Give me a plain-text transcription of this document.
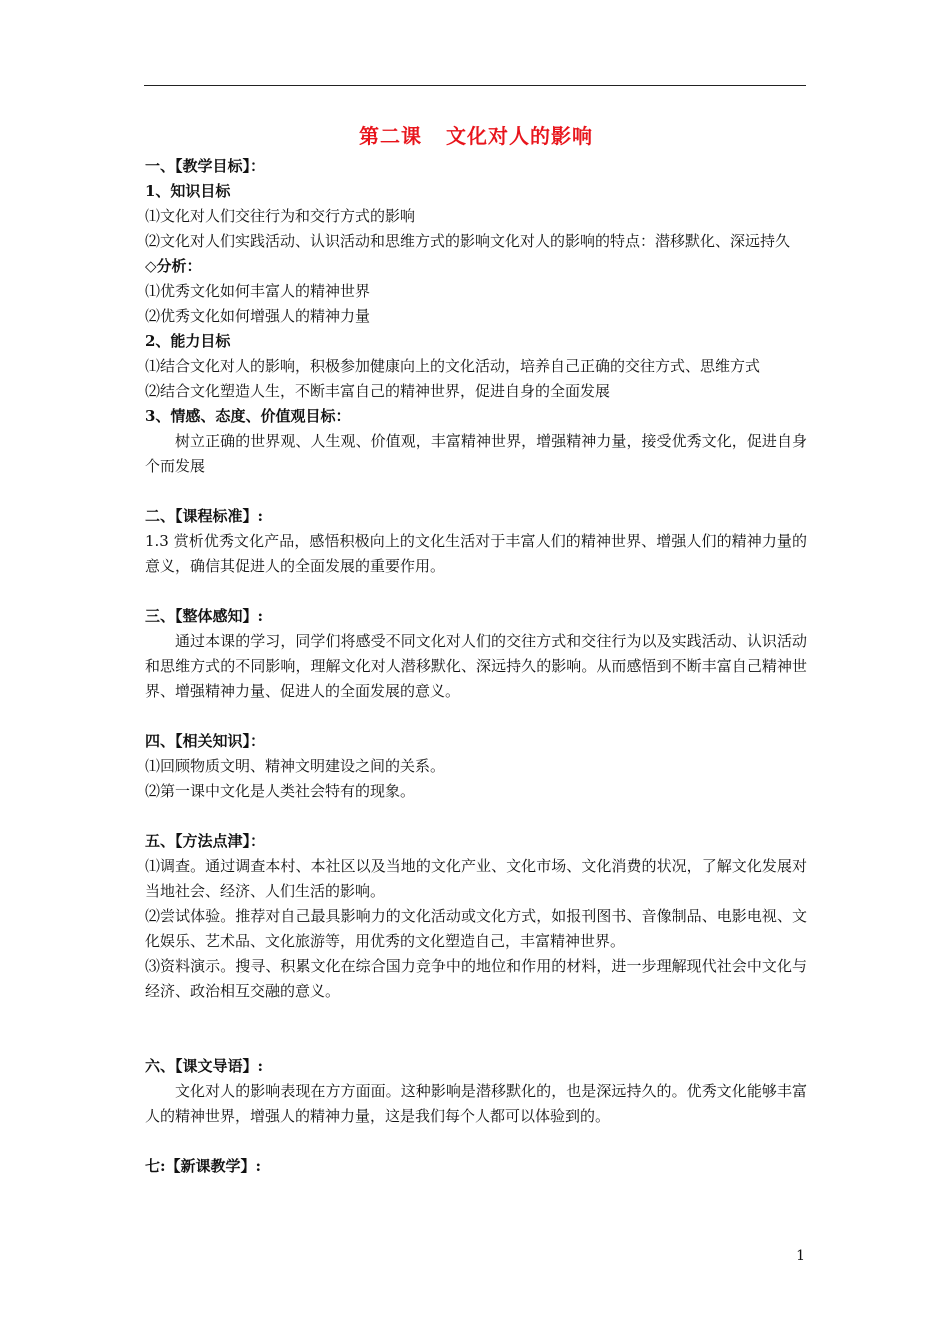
第二课 文化对人的影响

一、【教学目标】：

1、知识目标

⑴文化对人们交往行为和交行方式的影响

⑵文化对人们实践活动、认识活动和思维方式的影响文化对人的影响的特点：潜移默化、深远持久

◇分析：

⑴优秀文化如何丰富人的精神世界

⑵优秀文化如何增强人的精神力量

2、能力目标

⑴结合文化对人的影响，积极参加健康向上的文化活动，培养自己正确的交往方式、思维方式

⑵结合文化塑造人生，不断丰富自己的精神世界，促进自身的全面发展

3、情感、态度、价值观目标：

树立正确的世界观、人生观、价值观，丰富精神世界，增强精神力量，接受优秀文化，促进自身个而发展

二、【课程标准】:

1.3 赏析优秀文化产品，感悟积极向上的文化生活对于丰富人们的精神世界、增强人们的精神力量的意义，确信其促进人的全面发展的重要作用。

三、【整体感知】:

通过本课的学习，同学们将感受不同文化对人们的交往方式和交往行为以及实践活动、认识活动和思维方式的不同影响，理解文化对人潜移默化、深远持久的影响。从而感悟到不断丰富自己精神世界、增强精神力量、促进人的全面发展的意义。

四、【相关知识】：

⑴回顾物质文明、精神文明建设之间的关系。

⑵第一课中文化是人类社会特有的现象。

五、【方法点津】：

⑴调查。通过调查本村、本社区以及当地的文化产业、文化市场、文化消费的状况，了解文化发展对当地社会、经济、人们生活的影响。

⑵尝试体验。推荐对自己最具影响力的文化活动或文化方式，如报刊图书、音像制品、电影电视、文化娱乐、艺术品、文化旅游等，用优秀的文化塑造自己，丰富精神世界。

⑶资料演示。搜寻、积累文化在综合国力竞争中的地位和作用的材料，进一步理解现代社会中文化与经济、政治相互交融的意义。

六、【课文导语】:

文化对人的影响表现在方方面面。这种影响是潜移默化的，也是深远持久的。优秀文化能够丰富人的精神世界，增强人的精神力量，这是我们每个人都可以体验到的。

七:【新课教学】:

1
